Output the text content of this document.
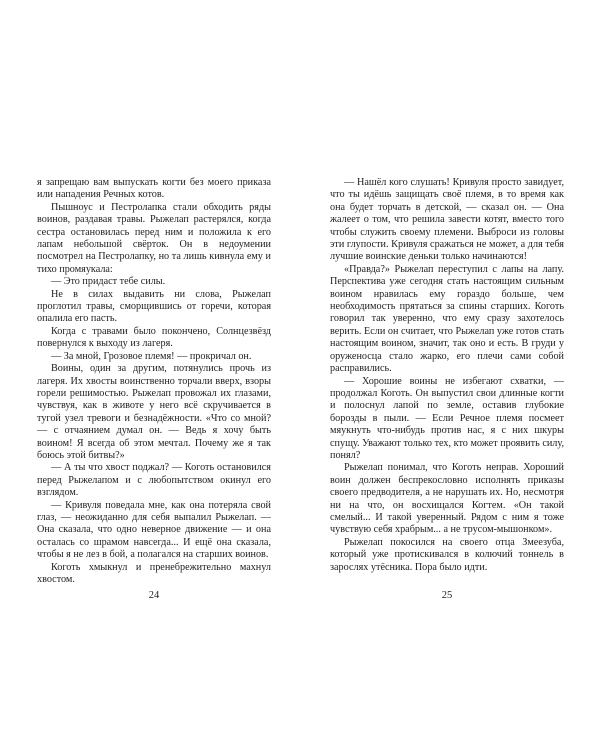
я запрещаю вам выпускать когти без моего приказа или нападения Речных котов.

Пышноус и Пестролапка стали обходить ряды воинов, раздавая травы. Рыжелап растерялся, когда сестра остановилась перед ним и положила к его лапам небольшой свёрток. Он в недоумении посмотрел на Пестролапку, но та лишь кивнула ему и тихо промяукала:

— Это придаст тебе силы.

Не в силах выдавить ни слова, Рыжелап проглотил травы, сморщившись от горечи, которая опалила его пасть.

Когда с травами было покончено, Солнцезвёзд повернулся к выходу из лагеря.

— За мной, Грозовое племя! — прокричал он.

Воины, один за другим, потянулись прочь из лагеря. Их хвосты воинственно торчали вверх, взоры горели решимостью. Рыжелап провожал их глазами, чувствуя, как в животе у него всё скручивается в тугой узел тревоги и безнадёжности. «Что со мной? — с отчаянием думал он. — Ведь я хочу быть воином! Я всегда об этом мечтал. Почему же я так боюсь этой битвы?»

— А ты что хвост поджал? — Коготь остановился перед Рыжелапом и с любопытством окинул его взглядом.

— Кривуля поведала мне, как она потеряла свой глаз, — неожиданно для себя выпалил Рыжелап. — Она сказала, что одно неверное движение — и она осталась со шрамом навсегда... И ещё она сказала, чтобы я не лез в бой, а полагался на старших воинов.

Коготь хмыкнул и пренебрежительно махнул хвостом.

24

— Нашёл кого слушать! Кривуля просто завидует, что ты идёшь защищать своё племя, в то время как она будет торчать в детской, — сказал он. — Она жалеет о том, что решила завести котят, вместо того чтобы служить своему племени. Выброси из головы эти глупости. Кривуля сражаться не может, а для тебя лучшие воинские деньки только начинаются!

«Правда?» Рыжелап переступил с лапы на лапу. Перспектива уже сегодня стать настоящим сильным воином нравилась ему гораздо больше, чем необходимость прятаться за спины старших. Коготь говорил так уверенно, что ему сразу захотелось верить. Если он считает, что Рыжелап уже готов стать настоящим воином, значит, так оно и есть. В груди у оруженосца стало жарко, его плечи сами собой расправились.

— Хорошие воины не избегают схватки, — продолжал Коготь. Он выпустил свои длинные когти и полоснул лапой по земле, оставив глубокие борозды в пыли. — Если Речное племя посмеет мяукнуть что-нибудь против нас, я с них шкуры спущу. Уважают только тех, кто может проявить силу, понял?

Рыжелап понимал, что Коготь неправ. Хороший воин должен беспрекословно исполнять приказы своего предводителя, а не нарушать их. Но, несмотря ни на что, он восхищался Когтем. «Он такой смелый... И такой уверенный. Рядом с ним я тоже чувствую себя храбрым... а не трусом-мышонком».

Рыжелап покосился на своего отца Змеезуба, который уже протискивался в колючий тоннель в зарослях утёсника. Пора было идти.

25
